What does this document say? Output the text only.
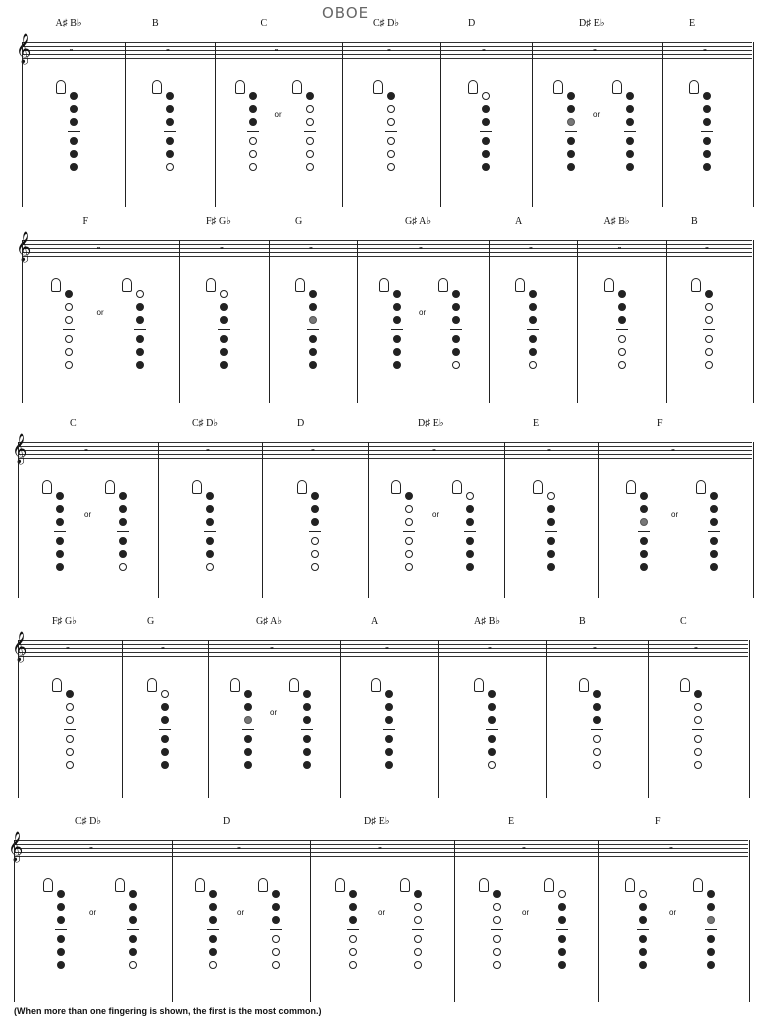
OBOE
(When more than one fingering is shown, the first is the most common.)
𝄞
A♯ B♭
𝅝
B
𝅝
C
𝅝
or
C♯ D♭
𝅝
D
𝅝
D♯ E♭
𝅝
or
E
𝅝
𝄞
F
𝅝
or
F♯ G♭
𝅝
G
𝅝
G♯ A♭
𝅝
or
A
𝅝
A♯ B♭
𝅝
B
𝅝
𝄞
C
𝅝
or
C♯ D♭
𝅝
D
𝅝
D♯ E♭
𝅝
or
E
𝅝
F
𝅝
or
𝄞
F♯ G♭
𝅝
G
𝅝
G♯ A♭
𝅝
or
A
𝅝
A♯ B♭
𝅝
B
𝅝
C
𝅝
𝄞
C♯ D♭
𝅝
or
D
𝅝
or
D♯ E♭
𝅝
or
E
𝅝
or
F
𝅝
or
